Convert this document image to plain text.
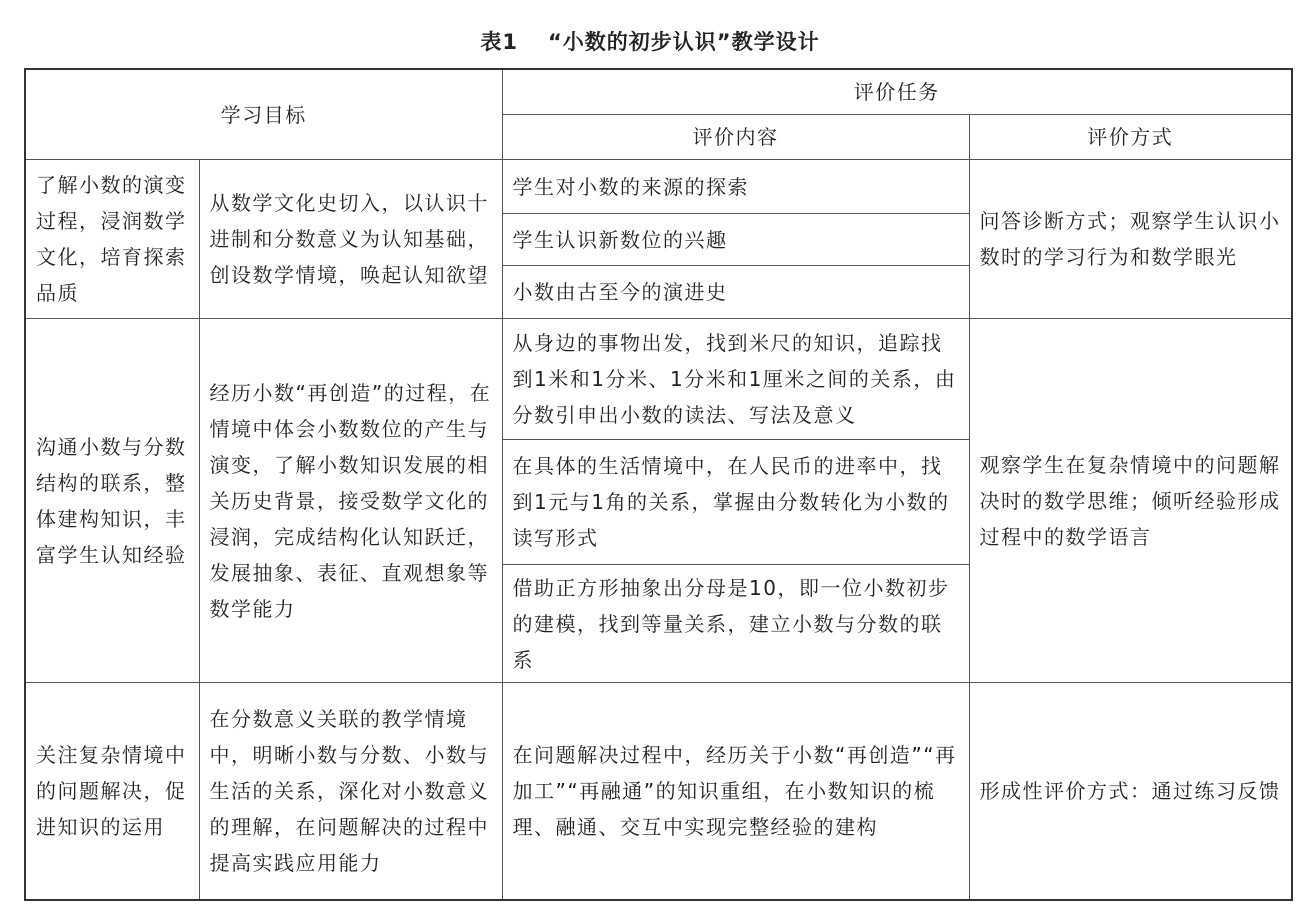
表1 “小数的初步认识”教学设计
学习目标		评价任务	
		评价内容	评价方式
了解小数的演变过程，浸润数学文化，培育探索品质	从数学文化史切入，以认识十进制和分数意义为认知基础，创设数学情境，唤起认知欲望	学生对小数的来源的探索	问答诊断方式；观察学生认识小数时的学习行为和数学眼光
		学生认识新数位的兴趣	
		小数由古至今的演进史	
沟通小数与分数结构的联系，整体建构知识，丰富学生认知经验	经历小数“再创造”的过程，在情境中体会小数数位的产生与演变，了解小数知识发展的相关历史背景，接受数学文化的浸润，完成结构化认知跃迁，发展抽象、表征、直观想象等数学能力	从身边的事物出发，找到米尺的知识，追踪找到1米和1分米、1分米和1厘米之间的关系，由分数引申出小数的读法、写法及意义	观察学生在复杂情境中的问题解决时的数学思维；倾听经验形成过程中的数学语言
		在具体的生活情境中，在人民币的进率中，找到1元与1角的关系，掌握由分数转化为小数的读写形式	
		借助正方形抽象出分母是10，即一位小数初步的建模，找到等量关系，建立小数与分数的联系	
关注复杂情境中的问题解决，促进知识的运用	在分数意义关联的教学情境中，明晰小数与分数、小数与生活的关系，深化对小数意义的理解，在问题解决的过程中提高实践应用能力	在问题解决过程中，经历关于小数“再创造”“再加工”“再融通”的知识重组，在小数知识的梳理、融通、交互中实现完整经验的建构	形成性评价方式：通过练习反馈
